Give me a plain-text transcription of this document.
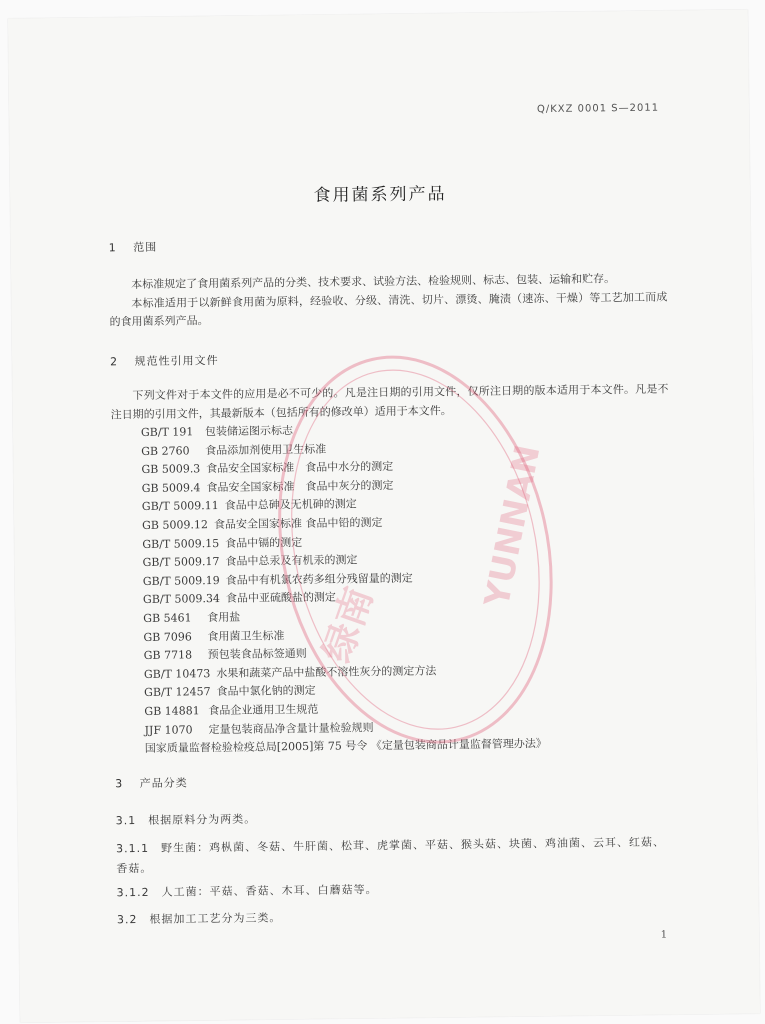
Q/KXZ 0001 S—2011
食用菌系列产品
1 范围
本标准规定了食用菌系列产品的分类、技术要求、试验方法、检验规则、标志、包装、运输和贮存。
本标准适用于以新鲜食用菌为原料，经验收、分级、清洗、切片、漂烫、腌渍（速冻、干燥）等工艺加工而成的食用菌系列产品。
2 规范性引用文件
下列文件对于本文件的应用是必不可少的。凡是注日期的引用文件，仅所注日期的版本适用于本文件。凡是不注日期的引用文件，其最新版本（包括所有的修改单）适用于本文件。
GB/T 191 包装储运图示标志
GB 2760 食品添加剂使用卫生标准
GB 5009.3 食品安全国家标准　食品中水分的测定
GB 5009.4 食品安全国家标准　食品中灰分的测定
GB/T 5009.11 食品中总砷及无机砷的测定
GB 5009.12 食品安全国家标准 食品中铅的测定
GB/T 5009.15 食品中镉的测定
GB/T 5009.17 食品中总汞及有机汞的测定
GB/T 5009.19 食品中有机氯农药多组分残留量的测定
GB/T 5009.34 食品中亚硫酸盐的测定
GB 5461 食用盐
GB 7096 食用菌卫生标准
GB 7718 预包装食品标签通则
GB/T 10473 水果和蔬菜产品中盐酸不溶性灰分的测定方法
GB/T 12457 食品中氯化钠的测定
GB 14881 食品企业通用卫生规范
JJF 1070 定量包装商品净含量计量检验规则
国家质量监督检验检疫总局[2005]第 75 号令 《定量包装商品计量监督管理办法》
3 产品分类
3.1　根据原料分为两类。
3.1.1　野生菌：鸡枞菌、冬菇、牛肝菌、松茸、虎掌菌、平菇、猴头菇、块菌、鸡油菌、云耳、红菇、香菇。
3.1.2　人工菌：平菇、香菇、木耳、白蘑菇等。
3.2　根据加工工艺分为三类。
1
绿南
YUNNAN
